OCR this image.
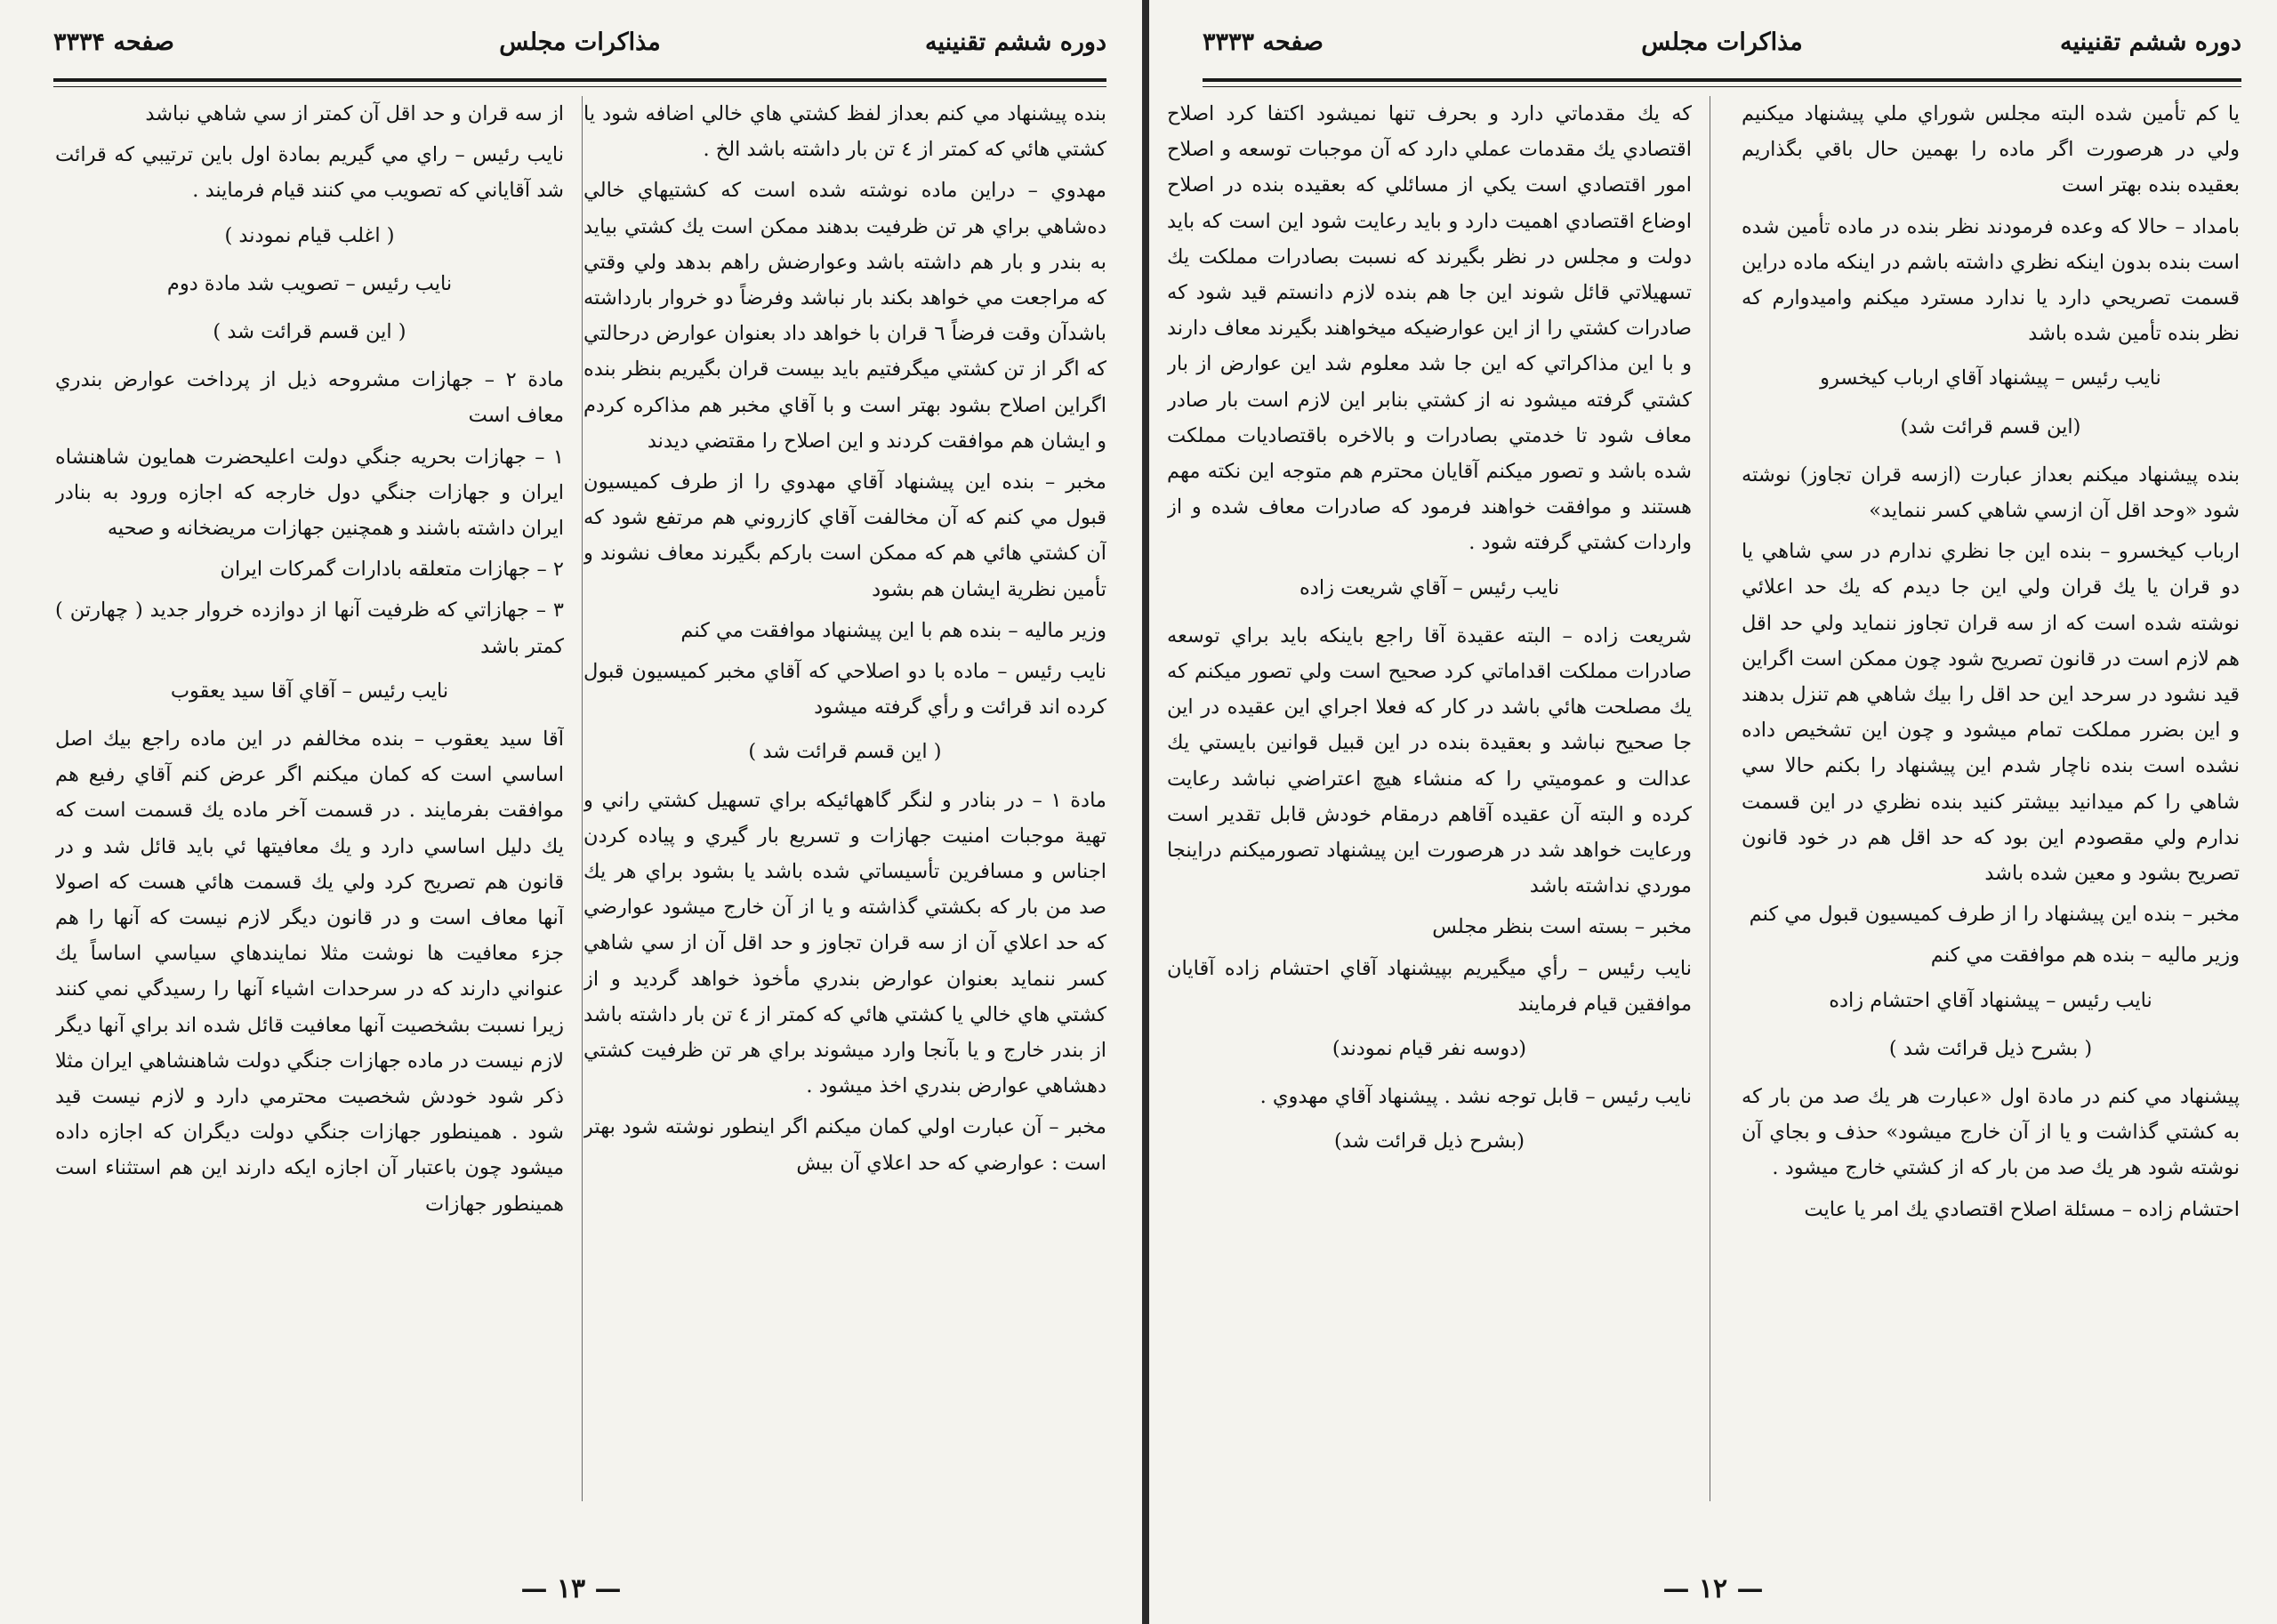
دوره ششم تقنينيه
مذاكرات مجلس
صفحه ۳۳۳۴

بنده پیشنهاد مي كنم بعداز لفظ كشتي هاي خالي اضافه شود يا كشتي هائي كه كمتر از ٤ تن بار داشته باشد الخ .

مهدوي – دراين ماده نوشته شده است كه كشتيهاي خالي ده‌شاهي براي هر تن ظرفيت بدهند ممكن است يك كشتي بيايد به بندر و بار هم داشته باشد وعوارضش راهم بدهد ولي وقتي كه مراجعت مي خواهد بكند بار نباشد وفرضاً دو خروار بارداشته باشدآن وقت فرضاً ٦ قران با خواهد داد بعنوان عوارض درحالتي كه اگر از تن كشتي ميگرفتيم بايد بيست قران بگيريم بنظر بنده اگراين اصلاح بشود بهتر است و با آقاي مخبر هم مذاكره كردم و ايشان هم موافقت كردند و اين اصلاح را مقتضي ديدند

مخبر – بنده اين پیشنهاد آقاي مهدوي را از طرف كميسيون قبول مي كنم كه آن مخالفت آقاي كازروني هم مرتفع شود كه آن كشتي هائي هم كه ممكن است باركم بگيرند معاف نشوند و تأمين نظرية ايشان هم بشود

وزير ماليه – بنده هم با اين پیشنهاد موافقت مي كنم

نايب رئيس – ماده با دو اصلاحي كه آقاي مخبر كميسيون قبول كرده اند قرائت و رأي گرفته ميشود

( اين قسم قرائت شد )

مادة ۱ – در بنادر و لنگر گاههائيكه براي تسهيل كشتي راني و تهية موجبات امنيت جهازات و تسريع بار گيري و پياده كردن اجناس و مسافرين تأسيساتي شده باشد يا بشود براي هر يك صد من بار كه بكشتي گذاشته و يا از آن خارج ميشود عوارضي كه حد اعلاي آن از سه قران تجاوز و حد اقل آن از سي شاهي كسر ننمايد بعنوان عوارض بندري مأخوذ خواهد گرديد و از كشتي هاي خالي يا كشتي هائي كه كمتر از ٤ تن بار داشته باشد از بندر خارج و يا بآنجا وارد ميشوند براي هر تن ظرفيت كشتي دهشاهي عوارض بندري اخذ ميشود .

مخبر – آن عبارت اولي كمان ميكنم اگر اينطور نوشته شود بهتر است : عوارضي كه حد اعلاي آن بيش

از سه قران و حد اقل آن كمتر از سي شاهي نباشد

نايب رئيس – راي مي گيريم بمادة اول باين ترتيبي كه قرائت شد آقاياني كه تصويب مي كنند قيام فرمايند .

( اغلب قيام نمودند )

نايب رئيس – تصويب شد مادة دوم

( اين قسم قرائت شد )

مادة ۲ – جهازات مشروحه ذيل از پرداخت عوارض بندري معاف است

۱ – جهازات بحريه جنگي دولت اعليحضرت همايون شاهنشاه ايران و جهازات جنگي دول خارجه كه اجازه ورود به بنادر ايران داشته باشند و همچنين جهازات مريضخانه و صحيه

۲ – جهازات متعلقه بادارات گمركات ايران

۳ – جهازاتي كه ظرفيت آنها از دوازده خروار جديد ( چهارتن ) كمتر باشد

نايب رئيس – آقاي آقا سيد يعقوب

آقا سيد يعقوب – بنده مخالفم در اين ماده راجع بيك اصل اساسي است كه كمان ميكنم اگر عرض كنم آقاي رفيع هم موافقت بفرمايند . در قسمت آخر ماده يك قسمت است كه يك دليل اساسي دارد و يك معافيتها ئي بايد قائل شد و در قانون هم تصريح كرد ولي يك قسمت هائي هست كه اصولا آنها معاف است و در قانون ديگر لازم نيست كه آنها را هم جزء معافيت ها نوشت مثلا نمايندهاي سياسي اساساً يك عنواني دارند كه در سرحدات اشياء آنها را رسيدگي نمي كنند زيرا نسبت بشخصيت آنها معافيت قائل شده اند براي آنها ديگر لازم نيست در ماده جهازات جنگي دولت شاهنشاهي ايران مثلا ذكر شود خودش شخصيت محترمي دارد و لازم نيست قيد شود . همينطور جهازات جنگي دولت ديگران كه اجازه داده ميشود چون باعتبار آن اجازه ايكه دارند اين هم استثناء است همينطور جهازات

— ۱۳ —
دوره ششم تقنينيه
مذاكرات مجلس
صفحه ۳۳۳۳

يا كم تأمين شده البته مجلس شوراي ملي پیشنهاد ميكنيم ولي در هرصورت اگر ماده را بهمين حال باقي بگذاريم بعقيده بنده بهتر است

بامداد – حالا كه وعده فرمودند نظر بنده در ماده تأمين شده است بنده بدون اينكه نظري داشته باشم در اينكه ماده دراين قسمت تصريحي دارد يا ندارد مسترد ميكنم واميدوارم كه نظر بنده تأمين شده باشد

نايب رئيس – پیشنهاد آقاي ارباب كيخسرو

(اين قسم قرائت شد)

بنده پیشنهاد ميكنم بعداز عبارت (ازسه قران تجاوز) نوشته شود «وحد اقل آن ازسي شاهي كسر ننمايد»

ارباب كيخسرو – بنده اين جا نظري ندارم در سي شاهي يا دو قران يا يك قران ولي اين جا ديدم كه يك حد اعلائي نوشته شده است كه از سه قران تجاوز ننمايد ولي حد اقل هم لازم است در قانون تصريح شود چون ممكن است اگراين قيد نشود در سرحد اين حد اقل را بيك شاهي هم تنزل بدهند و اين بضرر مملكت تمام ميشود و چون اين تشخيص داده نشده است بنده ناچار شدم اين پیشنهاد را بكنم حالا سي شاهي را كم ميدانيد بيشتر كنيد بنده نظري در اين قسمت ندارم ولي مقصودم اين بود كه حد اقل هم در خود قانون تصريح بشود و معين شده باشد

مخبر – بنده اين پیشنهاد را از طرف كميسيون قبول مي كنم

وزير ماليه – بنده هم موافقت مي كنم

نايب رئيس – پیشنهاد آقاي احتشام زاده

( بشرح ذيل قرائت شد )

پیشنهاد مي كنم در مادة اول «عبارت هر يك صد من بار كه به كشتي گذاشت و يا از آن خارج ميشود» حذف و بجاي آن نوشته شود هر يك صد من بار كه از كشتي خارج ميشود .

احتشام زاده – مسئلة اصلاح اقتصادي يك امر يا عايت

كه يك مقدماتي دارد و بحرف تنها نميشود اكتفا كرد اصلاح اقتصادي يك مقدمات عملي دارد كه آن موجبات توسعه و اصلاح امور اقتصادي است يكي از مسائلي كه بعقيده بنده در اصلاح اوضاع اقتصادي اهميت دارد و بايد رعايت شود اين است كه بايد دولت و مجلس در نظر بگيرند كه نسبت بصادرات مملكت يك تسهيلاتي قائل شوند اين جا هم بنده لازم دانستم قيد شود كه صادرات كشتي را از اين عوارضيكه ميخواهند بگيرند معاف دارند و با اين مذاكراتي كه اين جا شد معلوم شد اين عوارض از بار كشتي گرفته ميشود نه از كشتي بنابر اين لازم است بار صادر معاف شود تا خدمتي بصادرات و بالاخره باقتصاديات مملكت شده باشد و تصور ميكنم آقايان محترم هم متوجه اين نكته مهم هستند و موافقت خواهند فرمود كه صادرات معاف شده و از واردات كشتي گرفته شود .

نايب رئيس – آقاي شريعت زاده

شريعت زاده – البته عقيدة آقا راجع باينكه بايد براي توسعه صادرات مملكت اقداماتي كرد صحيح است ولي تصور ميكنم كه يك مصلحت هائي باشد در كار كه فعلا اجراي اين عقيده در اين جا صحيح نباشد و بعقيدة بنده در اين قبيل قوانين بايستي يك عدالت و عموميتي را كه منشاء هيچ اعتراضي نباشد رعايت كرده و البته آن عقيده آقاهم درمقام خودش قابل تقدير است ورعايت خواهد شد در هرصورت اين پیشنهاد تصورميكنم دراينجا موردي نداشته باشد

مخبر – بسته است بنظر مجلس

نايب رئيس – رأي ميگيريم بپیشنهاد آقاي احتشام زاده آقايان موافقين قيام فرمايند

(دوسه نفر قيام نمودند)

نايب رئيس – قابل توجه نشد . پیشنهاد آقاي مهدوي .

(بشرح ذيل قرائت شد)

— ۱۲ —
